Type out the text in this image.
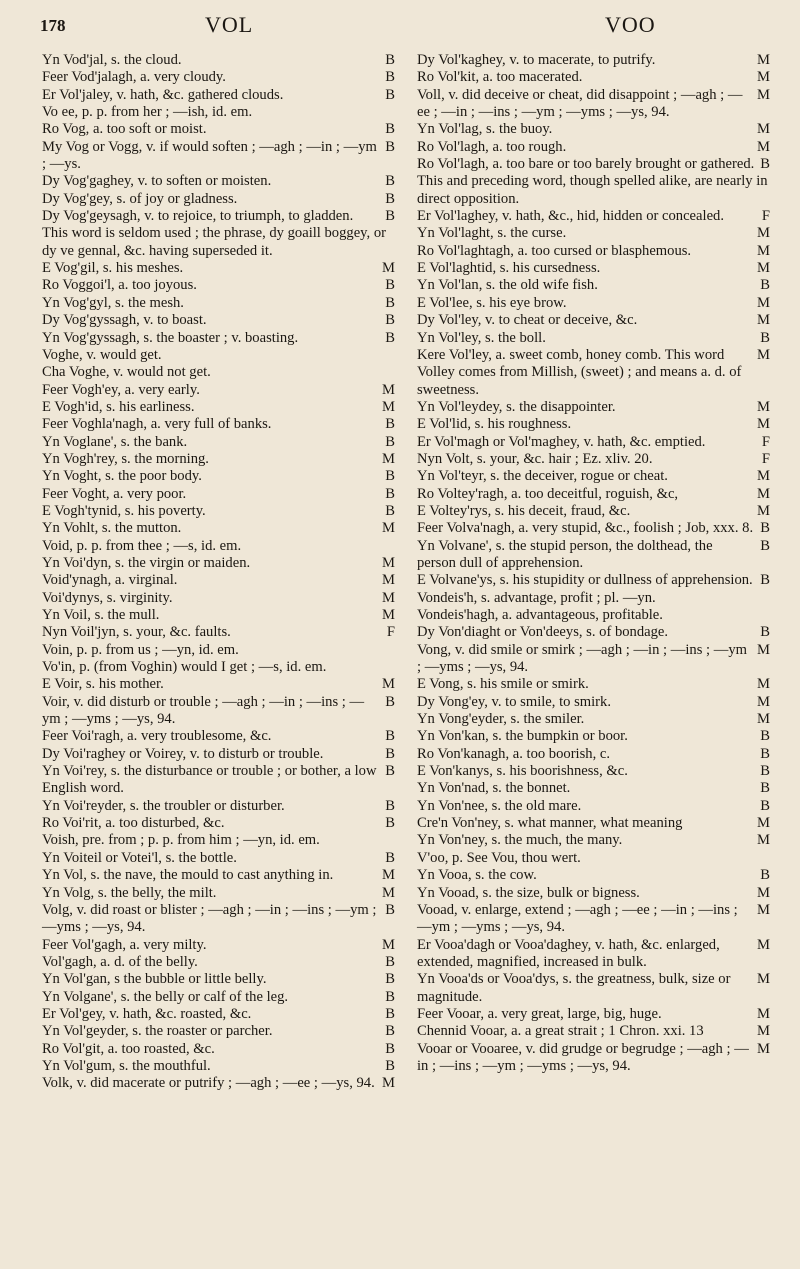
178	VOL	VOO
B
Yn Vod'jal, s. the cloud.
B
Feer Vod'jalagh, a. very cloudy.
B
Er Vol'jaley, v. hath, &c. gathered clouds.
Vo ee, p. p. from her ; —ish, id. em.
B
Ro Vog, a. too soft or moist.
B
My Vog or Vogg, v. if would soften ; —agh ; —in ; —ym ; —ys.
B
Dy Vog'gaghey, v. to soften or moisten.
B
Dy Vog'gey, s. of joy or gladness.
B
Dy Vog'geysagh, v. to rejoice, to triumph, to gladden. This word is seldom used ; the phrase, dy goaill boggey, or dy ve gennal, &c. having superseded it.
M
E Vog'gil, s. his meshes.
B
Ro Voggoi'l, a. too joyous.
B
Yn Vog'gyl, s. the mesh.
B
Dy Vog'gyssagh, v. to boast.
B
Yn Vog'gyssagh, s. the boaster ; v. boasting.
Voghe, v. would get.
Cha Voghe, v. would not get.
M
Feer Vogh'ey, a. very early.
M
E Vogh'id, s. his earliness.
B
Feer Voghla'nagh, a. very full of banks.
B
Yn Voglane', s. the bank.
M
Yn Vogh'rey, s. the morning.
B
Yn Voght, s. the poor body.
B
Feer Voght, a. very poor.
B
E Vogh'tynid, s. his poverty.
M
Yn Vohlt, s. the mutton.
Void, p. p. from thee ; —s, id. em.
M
Yn Voi'dyn, s. the virgin or maiden.
M
Void'ynagh, a. virginal.
M
Voi'dynys, s. virginity.
M
Yn Voil, s. the mull.
F
Nyn Voil'jyn, s. your, &c. faults.
Voin, p. p. from us ; —yn, id. em.
Vo'in, p. (from Voghin) would I get ; —s, id. em.
M
E Voir, s. his mother.
B
Voir, v. did disturb or trouble ; —agh ; —in ; —ins ; —ym ; —yms ; —ys, 94.
B
Feer Voi'ragh, a. very troublesome, &c.
B
Dy Voi'raghey or Voirey, v. to disturb or trouble.
B
Yn Voi'rey, s. the disturbance or trouble ; or bother, a low English word.
B
Yn Voi'reyder, s. the troubler or disturber.
B
Ro Voi'rit, a. too disturbed, &c.
Voish, pre. from ; p. p. from him ; —yn, id. em.
B
Yn Voiteil or Votei'l, s. the bottle.
M
Yn Vol, s. the nave, the mould to cast anything in.
M
Yn Volg, s. the belly, the milt.
B
Volg, v. did roast or blister ; —agh ; —in ; —ins ; —ym ; —yms ; —ys, 94.
M
Feer Vol'gagh, a. very milty.
B
Vol'gagh, a. d. of the belly.
B
Yn Vol'gan, s the bubble or little belly.
B
Yn Volgane', s. the belly or calf of the leg.
B
Er Vol'gey, v. hath, &c. roasted, &c.
B
Yn Vol'geyder, s. the roaster or parcher.
B
Ro Vol'git, a. too roasted, &c.
B
Yn Vol'gum, s. the mouthful.
M
Volk, v. did macerate or putrify ; —agh ; —ee ; —ys, 94.
M
Dy Vol'kaghey, v. to macerate, to putrify.
M
Ro Vol'kit, a. too macerated.
M
Voll, v. did deceive or cheat, did disappoint ; —agh ; —ee ; —in ; —ins ; —ym ; —yms ; —ys, 94.
M
Yn Vol'lag, s. the buoy.
M
Ro Vol'lagh, a. too rough.
B
Ro Vol'lagh, a. too bare or too barely brought or gathered. This and preceding word, though spelled alike, are nearly in direct opposition.
F
Er Vol'laghey, v. hath, &c., hid, hidden or concealed.
M
Yn Vol'laght, s. the curse.
M
Ro Vol'laghtagh, a. too cursed or blasphemous.
M
E Vol'laghtid, s. his cursedness.
B
Yn Vol'lan, s. the old wife fish.
M
E Vol'lee, s. his eye brow.
M
Dy Vol'ley, v. to cheat or deceive, &c.
B
Yn Vol'ley, s. the boll.
M
Kere Vol'ley, a. sweet comb, honey comb. This word Volley comes from Millish, (sweet) ; and means a. d. of sweetness.
M
Yn Vol'leydey, s. the disappointer.
M
E Vol'lid, s. his roughness.
F
Er Vol'magh or Vol'maghey, v. hath, &c. emptied.
F
Nyn Volt, s. your, &c. hair ; Ez. xliv. 20.
M
Yn Vol'teyr, s. the deceiver, rogue or cheat.
M
Ro Voltey'ragh, a. too deceitful, roguish, &c,
M
E Voltey'rys, s. his deceit, fraud, &c.
B
Feer Volva'nagh, a. very stupid, &c., foolish ; Job, xxx. 8.
B
Yn Volvane', s. the stupid person, the dolthead, the person dull of apprehension.
B
E Volvane'ys, s. his stupidity or dullness of apprehension.
Vondeis'h, s. advantage, profit ; pl. —yn.
Vondeis'hagh, a. advantageous, profitable.
B
Dy Von'diaght or Von'deeys, s. of bondage.
M
Vong, v. did smile or smirk ; —agh ; —in ; —ins ; —ym ; —yms ; —ys, 94.
M
E Vong, s. his smile or smirk.
M
Dy Vong'ey, v. to smile, to smirk.
M
Yn Vong'eyder, s. the smiler.
B
Yn Von'kan, s. the bumpkin or boor.
B
Ro Von'kanagh, a. too boorish, c.
B
E Von'kanys, s. his boorishness, &c.
B
Yn Von'nad, s. the bonnet.
B
Yn Von'nee, s. the old mare.
M
Cre'n Von'ney, s. what manner, what meaning
M
Yn Von'ney, s. the much, the many.
V'oo, p. See Vou, thou wert.
B
Yn Vooa, s. the cow.
M
Yn Vooad, s. the size, bulk or bigness.
M
Vooad, v. enlarge, extend ; —agh ; —ee ; —in ; —ins ; —ym ; —yms ; —ys, 94.
M
Er Vooa'dagh or Vooa'daghey, v. hath, &c. enlarged, extended, magnified, increased in bulk.
M
Yn Vooa'ds or Vooa'dys, s. the greatness, bulk, size or magnitude.
M
Feer Vooar, a. very great, large, big, huge.
M
Chennid Vooar, a. a great strait ; 1 Chron. xxi. 13
M
Vooar or Vooaree, v. did grudge or begrudge ; —agh ; —in ; —ins ; —ym ; —yms ; —ys, 94.
